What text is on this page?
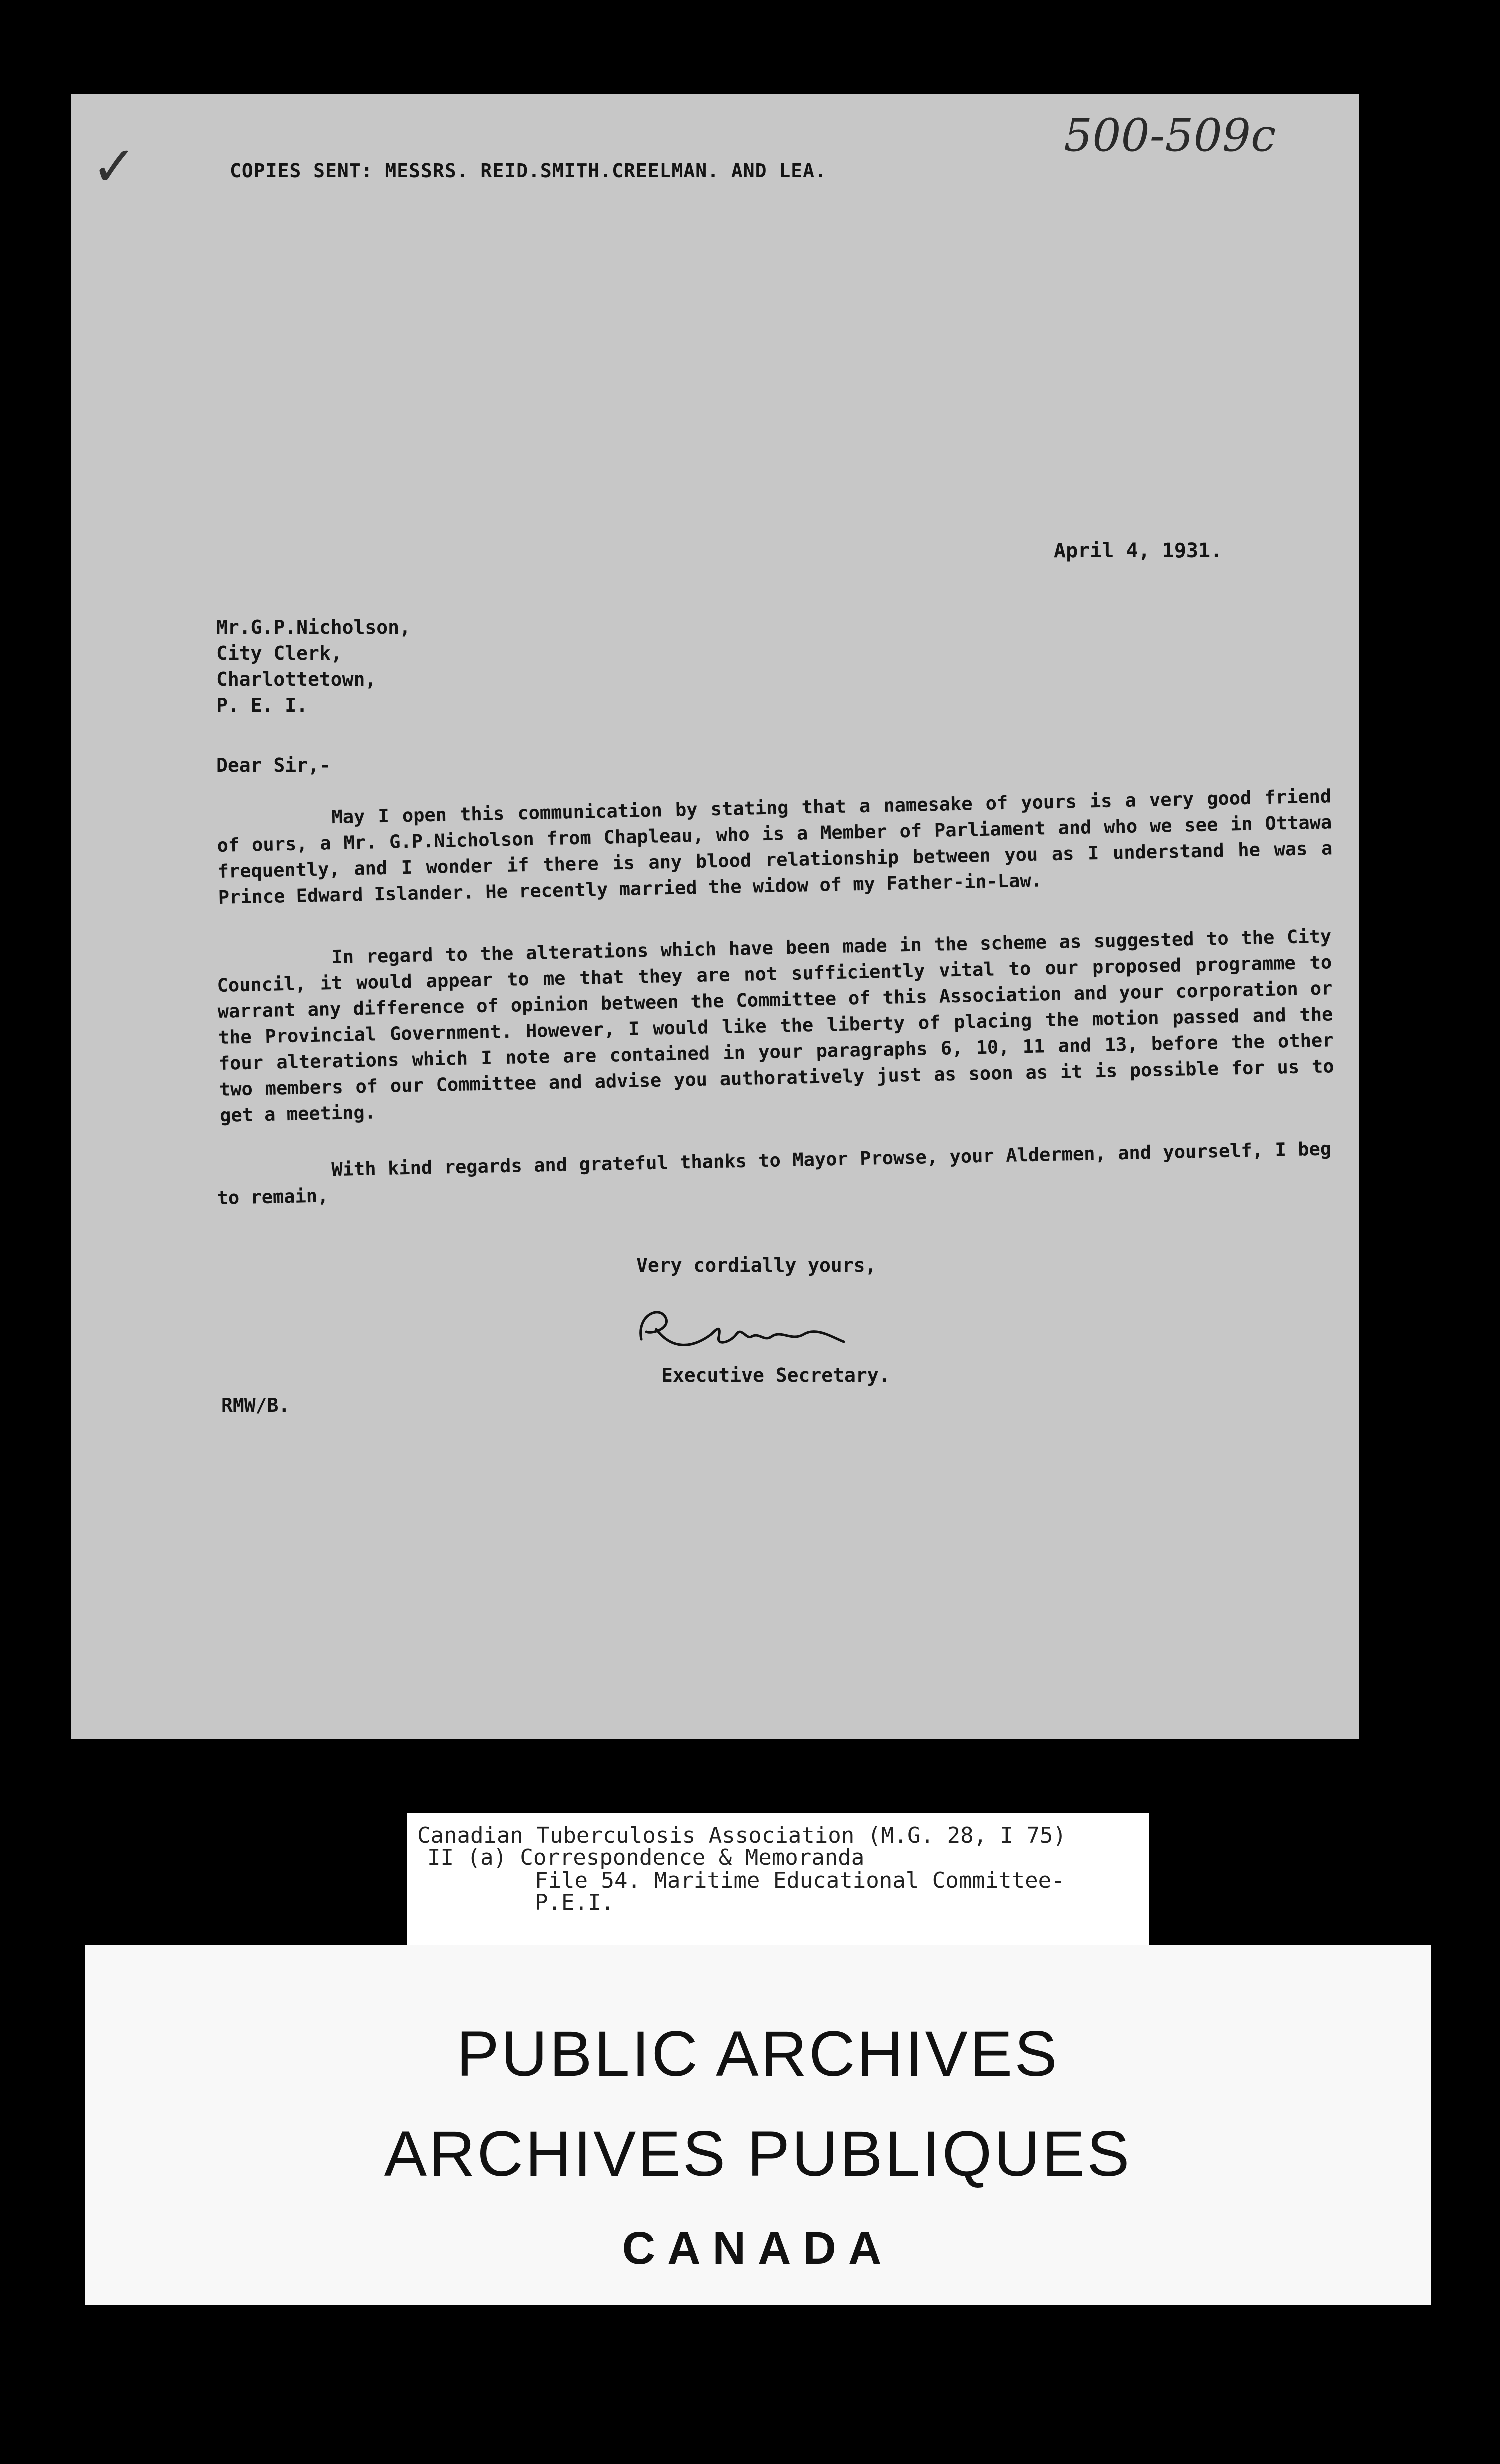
✓	COPIES SENT: MESSRS. REID.SMITH.CREELMAN. AND LEA.
500-509c
April 4, 1931.
Mr.G.P.Nicholson,
City Clerk,
Charlottetown,
P. E. I.
Dear Sir,-
May I open this communication by stating that a namesake of yours is a very good friend of ours, a Mr. G.P.Nicholson from Chapleau, who is a Member of Parliament and who we see in Ottawa frequently, and I wonder if there is any blood relationship between you as I understand he was a Prince Edward Islander. He recently married the widow of my Father-in-Law.
In regard to the alterations which have been made in the scheme as suggested to the City Council, it would appear to me that they are not sufficiently vital to our proposed programme to warrant any difference of opinion between the Committee of this Association and your corporation or the Provincial Government. However, I would like the liberty of placing the motion passed and the four alterations which I note are contained in your paragraphs 6, 10, 11 and 13, before the other two members of our Committee and advise you authoratively just as soon as it is possible for us to get a meeting.
With kind regards and grateful thanks to Mayor Prowse, your Aldermen, and yourself, I beg to remain,
Very cordially yours,
Executive Secretary.
RMW/B.
Canadian Tuberculosis Association (M.G. 28, I 75)
II (a) Correspondence & Memoranda
File 54. Maritime Educational Committee-
P.E.I.
PUBLIC ARCHIVES
ARCHIVES PUBLIQUES
CANADA
